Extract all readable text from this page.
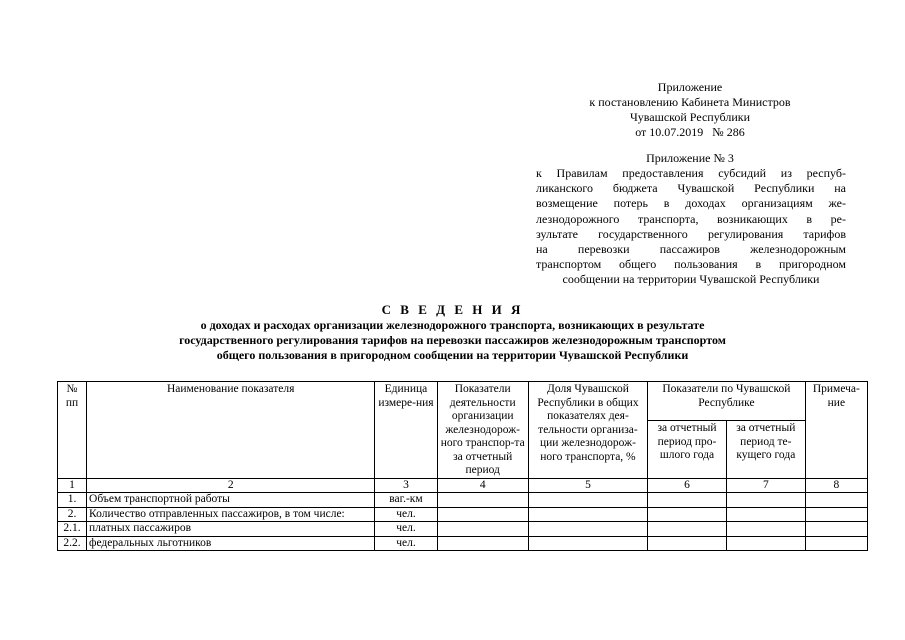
Приложение
к постановлению Кабинета Министров
Чувашской Республики
от 10.07.2019   № 286
Приложение № 3
к Правилам предоставления субсидий из респуб-
ликанского бюджета Чувашской Республики на
возмещение потерь в доходах организациям же-
лезнодорожного транспорта, возникающих в ре-
зультате государственного регулирования тарифов
на перевозки пассажиров железнодорожным
транспортом общего пользования в пригородном
сообщении на территории Чувашской Республики
С В Е Д Е Н И Я
о доходах и расходах организации железнодорожного транспорта, возникающих в результате
государственного регулирования тарифов на перевозки пассажиров железнодорожным транспортом
общего пользования в пригородном сообщении на территории Чувашской Республики
№ пп	Наименование показателя	Единица измере-ния	Показатели деятельности организации железнодорож-ного транспор-та за отчетный период	Доля Чувашской Республики в общих показателях дея-тельности организа-ции железнодорож-ного транспорта, %	Показатели по Чувашской Республике		Примеча-ние
					за отчетный период про-шлого года	за отчетный период те-кущего года	
1	2	3	4	5	6	7	8
1.	Объем транспортной работы	ваг.-км					
2.	Количество отправленных пассажиров, в том числе:	чел.					
2.1.	платных пассажиров	чел.					
2.2.	федеральных льготников	чел.					
